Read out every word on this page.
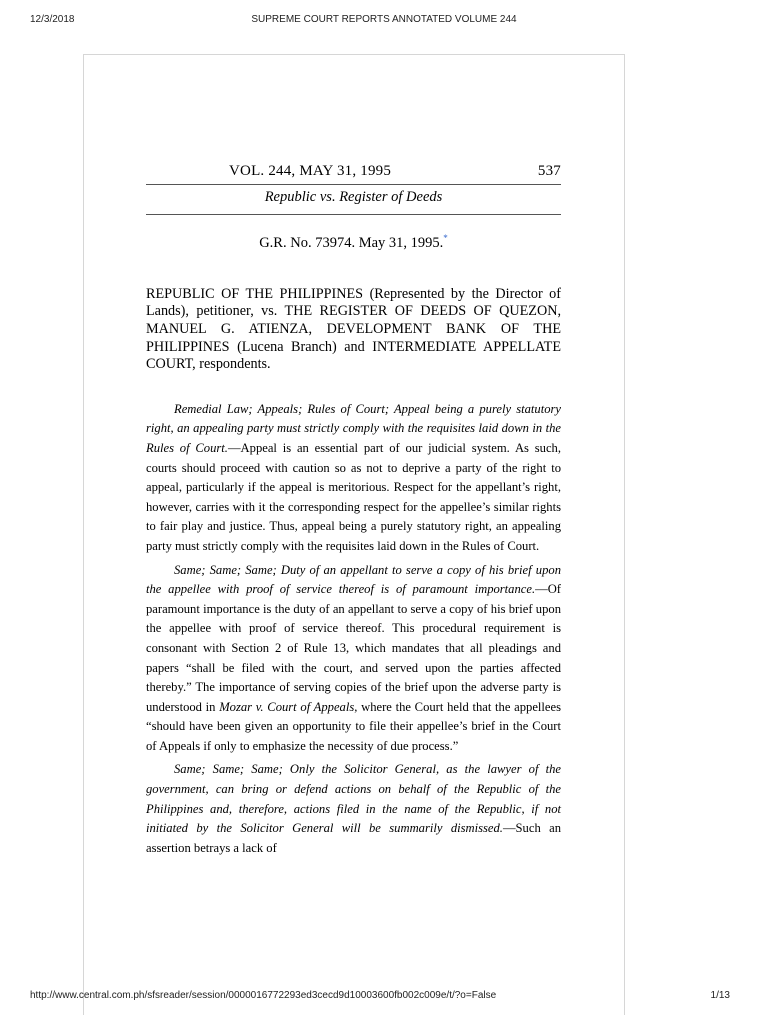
12/3/2018	SUPREME COURT REPORTS ANNOTATED VOLUME 244
VOL. 244, MAY 31, 1995	537
Republic vs. Register of Deeds
G.R. No. 73974. May 31, 1995.*
REPUBLIC OF THE PHILIPPINES (Represented by the Director of Lands), petitioner, vs. THE REGISTER OF DEEDS OF QUEZON, MANUEL G. ATIENZA, DEVELOPMENT BANK OF THE PHILIPPINES (Lucena Branch) and INTERMEDIATE APPELLATE COURT, respondents.

Remedial Law; Appeals; Rules of Court; Appeal being a purely statutory right, an appealing party must strictly comply with the requisites laid down in the Rules of Court.—Appeal is an essential part of our judicial system. As such, courts should proceed with caution so as not to deprive a party of the right to appeal, particularly if the appeal is meritorious. Respect for the appellant’s right, however, carries with it the corresponding respect for the appellee’s similar rights to fair play and justice. Thus, appeal being a purely statutory right, an appealing party must strictly comply with the requisites laid down in the Rules of Court.

Same; Same; Same; Duty of an appellant to serve a copy of his brief upon the appellee with proof of service thereof is of paramount importance.—Of paramount importance is the duty of an appellant to serve a copy of his brief upon the appellee with proof of service thereof. This procedural requirement is consonant with Section 2 of Rule 13, which mandates that all pleadings and papers “shall be filed with the court, and served upon the parties affected thereby.” The importance of serving copies of the brief upon the adverse party is understood in Mozar v. Court of Appeals, where the Court held that the appellees “should have been given an opportunity to file their appellee’s brief in the Court of Appeals if only to emphasize the necessity of due process.”

Same; Same; Same; Only the Solicitor General, as the lawyer of the government, can bring or defend actions on behalf of the Republic of the Philippines and, therefore, actions filed in the name of the Republic, if not initiated by the Solicitor General will be summarily dismissed.—Such an assertion betrays a lack of

http://www.central.com.ph/sfsreader/session/0000016772293ed3cecd9d10003600fb002c009e/t/?o=False	1/13
